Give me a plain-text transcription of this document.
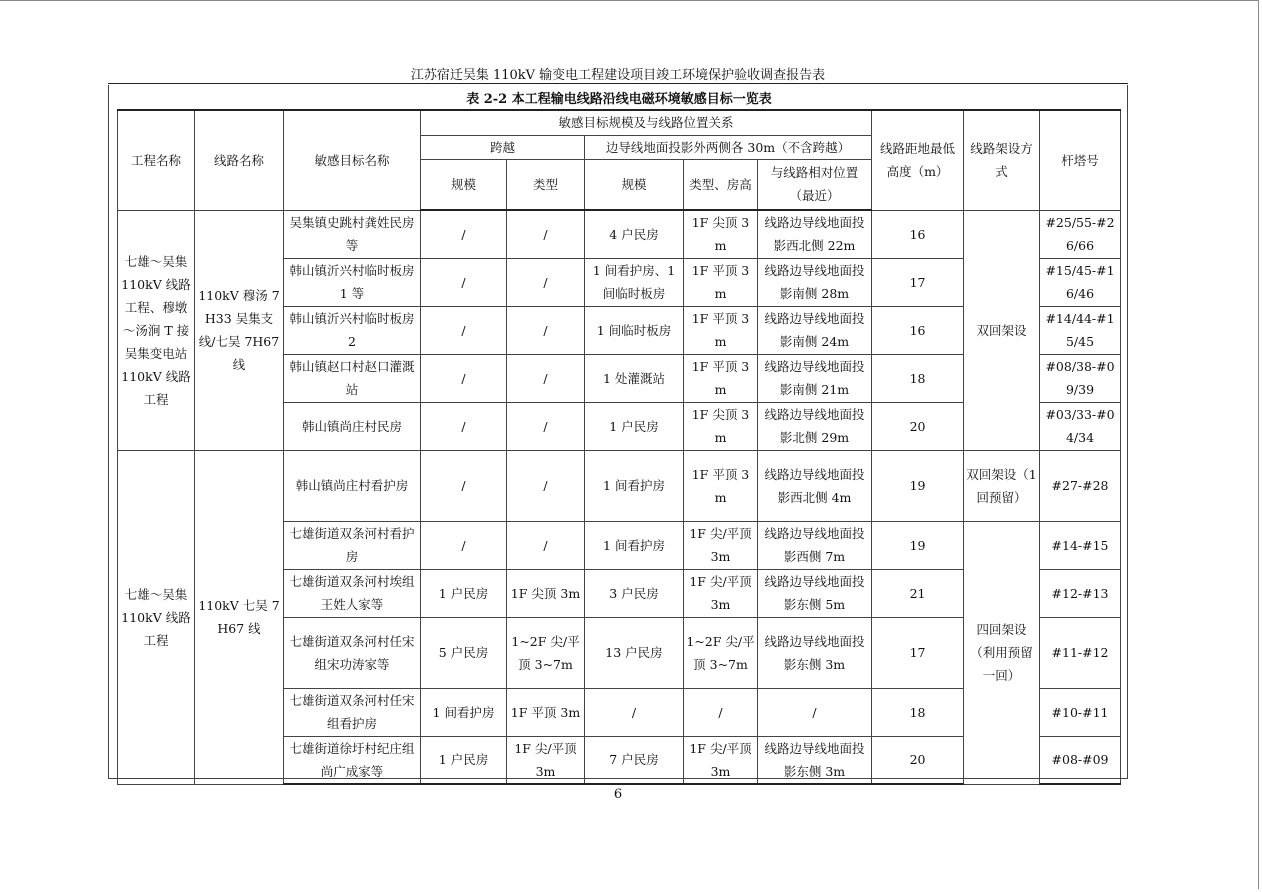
江苏宿迁吴集 110kV 输变电工程建设项目竣工环境保护验收调查报告表
表 2-2 本工程输电线路沿线电磁环境敏感目标一览表
工程名称	线路名称	敏感目标名称	敏感目标规模及与线路位置关系					线路距地最低高度（m）	线路架设方式	杆塔号
			跨越		边导线地面投影外两侧各 30m（不含跨越）					
			规模	类型	规模	类型、房高	与线路相对位置（最近）			
七雄～吴集 110kV 线路工程、穆墩～汤涧 T 接吴集变电站 110kV 线路工程	110kV 穆汤 7H33 吴集支线/七吴 7H67 线	吴集镇史跳村龚姓民房等	/	/	4 户民房	1F 尖顶 3m	线路边导线地面投影西北侧 22m	16	双回架设	#25/55-#26/66
		韩山镇沂兴村临时板房 1 等	/	/	1 间看护房、1 间临时板房	1F 平顶 3m	线路边导线地面投影南侧 28m	17		#15/45-#16/46
		韩山镇沂兴村临时板房 2	/	/	1 间临时板房	1F 平顶 3m	线路边导线地面投影南侧 24m	16		#14/44-#15/45
		韩山镇赵口村赵口灌溉站	/	/	1 处灌溉站	1F 平顶 3m	线路边导线地面投影南侧 21m	18		#08/38-#09/39
		韩山镇尚庄村民房	/	/	1 户民房	1F 尖顶 3m	线路边导线地面投影北侧 29m	20		#03/33-#04/34
七雄～吴集 110kV 线路工程	110kV 七吴 7H67 线	韩山镇尚庄村看护房	/	/	1 间看护房	1F 平顶 3m	线路边导线地面投影西北侧 4m	19	双回架设（1 回预留）	#27-#28
		七雄街道双条河村看护房	/	/	1 间看护房	1F 尖/平顶 3m	线路边导线地面投影西侧 7m	19	四回架设（利用预留一回）	#14-#15
		七雄街道双条河村埃组王姓人家等	1 户民房	1F 尖顶 3m	3 户民房	1F 尖/平顶 3m	线路边导线地面投影东侧 5m	21		#12-#13
		七雄街道双条河村任宋组宋功涛家等	5 户民房	1~2F 尖/平顶 3~7m	13 户民房	1~2F 尖/平顶 3~7m	线路边导线地面投影东侧 3m	17		#11-#12
		七雄街道双条河村任宋组看护房	1 间看护房	1F 平顶 3m	/	/	/	18		#10-#11
		七雄街道徐圩村纪庄组尚广成家等	1 户民房	1F 尖/平顶 3m	7 户民房	1F 尖/平顶 3m	线路边导线地面投影东侧 3m	20		#08-#09
6
